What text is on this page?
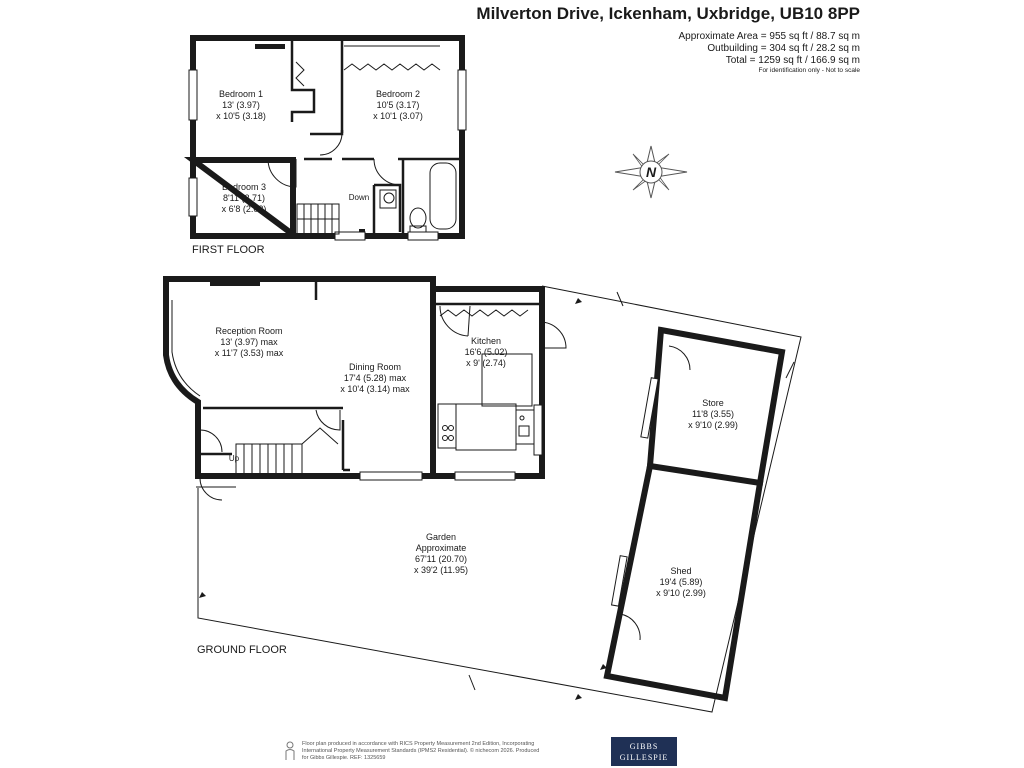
Bedroom 1 13' (3.97) x 10'5 (3.18)
Bedroom 2 10'5 (3.17) x 10'1 (3.07)
Bedroom 3 8'11 (2.71) x 6'8 (2.03)
Down
FIRST FLOOR
N
Reception Room 13' (3.97) max x 11'7 (3.53) max
Dining Room 17'4 (5.28) max x 10'4 (3.14) max
Kitchen 16'6 (5.02) x 9' (2.74)
Store 11'8 (3.55) x 9'10 (2.99)
Shed 19'4 (5.89) x 9'10 (2.99)
Garden Approximate 67'11 (20.70) x 39'2 (11.95)
Up
GROUND FLOOR
Milverton Drive, Ickenham, Uxbridge, UB10 8PP
Approximate Area = 955 sq ft / 88.7 sq m
Outbuilding = 304 sq ft / 28.2 sq m
Total = 1259 sq ft / 166.9 sq m
For identification only - Not to scale
Floor plan produced in accordance with RICS Property Measurement 2nd Edition, Incorporating International Property Measurement Standards (IPMS2 Residential). © nichecom 2026. Produced for Gibbs Gillespie. REF: 1325659
GIBBS
GILLESPIE
